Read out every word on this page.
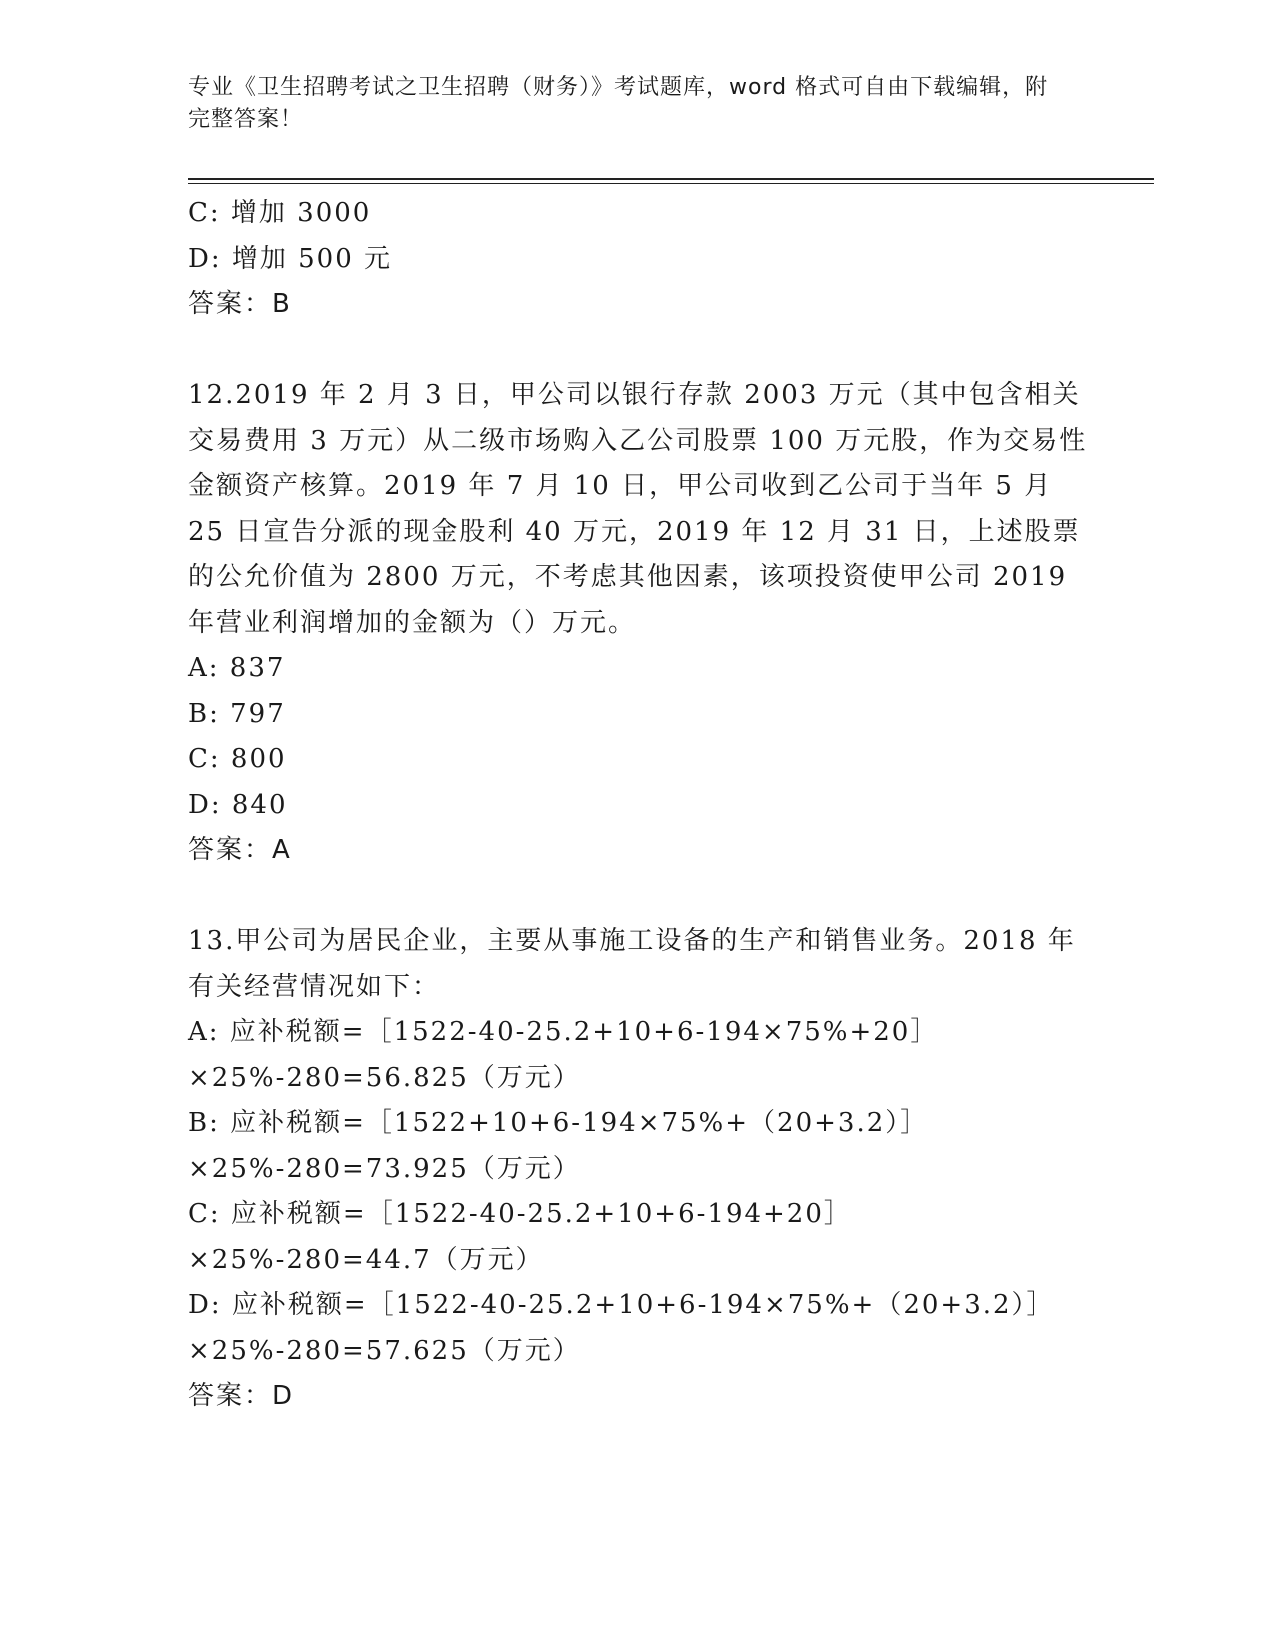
专业《卫生招聘考试之卫生招聘（财务）》考试题库，word 格式可自由下载编辑，附完整答案！
C: 增加 3000
D: 增加 500 元
答案：B
12.2019 年 2 月 3 日，甲公司以银行存款 2003 万元（其中包含相关交易费用 3 万元）从二级市场购入乙公司股票 100 万元股，作为交易性金额资产核算。2019 年 7 月 10 日，甲公司收到乙公司于当年 5 月 25 日宣告分派的现金股利 40 万元，2019 年 12 月 31 日，上述股票的公允价值为 2800 万元，不考虑其他因素，该项投资使甲公司 2019 年营业利润增加的金额为（）万元。
A: 837
B: 797
C: 800
D: 840
答案：A
13.甲公司为居民企业，主要从事施工设备的生产和销售业务。2018 年有关经营情况如下：
A: 应补税额=［1522-40-25.2+10+6-194×75%+20］×25%-280=56.825（万元）
B: 应补税额=［1522+10+6-194×75%+（20+3.2）］×25%-280=73.925（万元）
C: 应补税额=［1522-40-25.2+10+6-194+20］×25%-280=44.7（万元）
D: 应补税额=［1522-40-25.2+10+6-194×75%+（20+3.2）］×25%-280=57.625（万元）
答案：D
